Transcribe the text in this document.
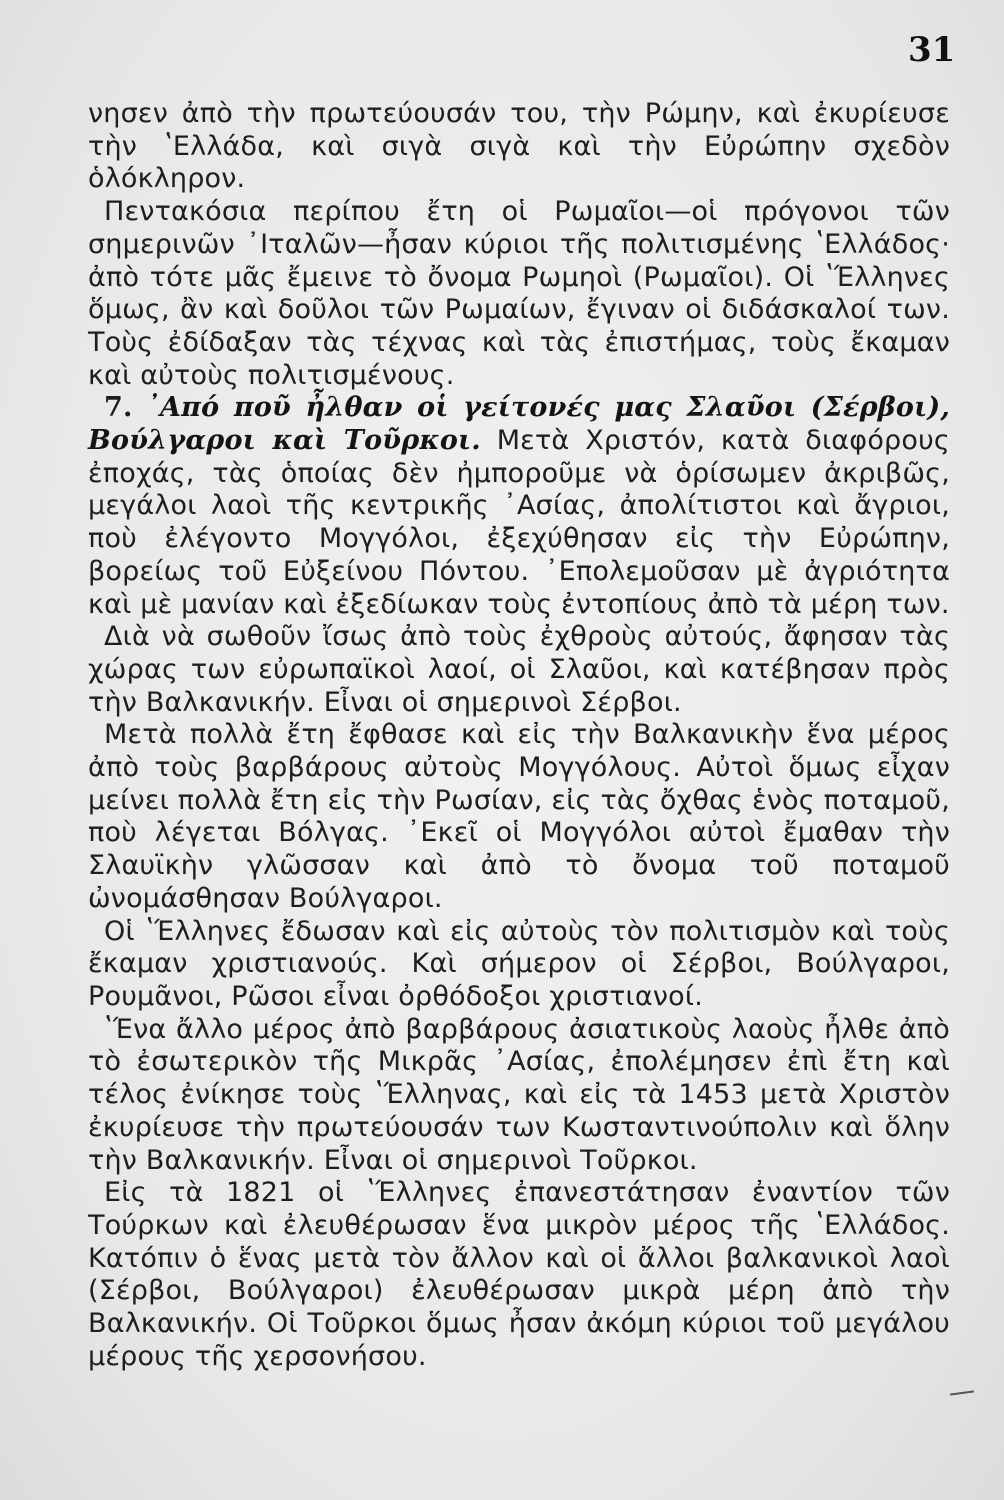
31

νησεν ἀπὸ τὴν πρωτεύουσάν του, τὴν Ρώμην, καὶ ἐκυρίευσε τὴν ʽΕλλάδα, καὶ σιγὰ σιγὰ καὶ τὴν Εὐρώπην σχεδὸν ὁλόκληρον.

Πεντακόσια περίπου ἔτη οἱ Ρωμαῖοι—οἱ πρόγονοι τῶν σημερινῶν ᾽Ιταλῶν—ἦσαν κύριοι τῆς πολιτισμένης ʽΕλλάδος· ἀπὸ τότε μᾶς ἔμεινε τὸ ὄνομα Ρωμηοὶ (Ρωμαῖοι). Οἱ ʽΈλληνες ὅμως, ἂν καὶ δοῦλοι τῶν Ρωμαίων, ἔγιναν οἱ διδάσκαλοί των. Τοὺς ἐδίδαξαν τὰς τέχνας καὶ τὰς ἐπιστήμας, τοὺς ἔκαμαν καὶ αὐτοὺς πολιτισμένους.

7. ᾽Από ποῦ ἦλθαν οἱ γείτονές μας Σλαῦοι (Σέρβοι), Βούλγαροι καὶ Τοῦρκοι. Μετὰ Χριστόν, κατὰ διαφόρους ἐποχάς, τὰς ὁποίας δὲν ἠμποροῦμε νὰ ὁρίσωμεν ἀκριβῶς, μεγάλοι λαοὶ τῆς κεντρικῆς ᾽Ασίας, ἀπολίτιστοι καὶ ἄγριοι, ποὺ ἐλέγοντο Μογγόλοι, ἐξεχύθησαν εἰς τὴν Εὐρώπην, βορείως τοῦ Εὐξείνου Πόντου. ᾽Επολεμοῦσαν μὲ ἀγριότητα καὶ μὲ μανίαν καὶ ἐξεδίωκαν τοὺς ἐντοπίους ἀπὸ τὰ μέρη των.

Διὰ νὰ σωθοῦν ἴσως ἀπὸ τοὺς ἐχθροὺς αὐτούς, ἄφησαν τὰς χώρας των εὐρωπαϊκοὶ λαοί, οἱ Σλαῦοι, καὶ κατέβησαν πρὸς τὴν Βαλκανικήν. Εἶναι οἱ σημερινοὶ Σέρβοι.

Μετὰ πολλὰ ἔτη ἔφθασε καὶ εἰς τὴν Βαλκανικὴν ἕνα μέρος ἀπὸ τοὺς βαρβάρους αὐτοὺς Μογγόλους. Αὐτοὶ ὅμως εἶχαν μείνει πολλὰ ἔτη εἰς τὴν Ρωσίαν, εἰς τὰς ὄχθας ἑνὸς ποταμοῦ, ποὺ λέγεται Βόλγας. ᾽Εκεῖ οἱ Μογγόλοι αὐτοὶ ἔμαθαν τὴν Σλαυϊκὴν γλῶσσαν καὶ ἀπὸ τὸ ὄνομα τοῦ ποταμοῦ ὠνομάσθησαν Βούλγαροι.

Οἱ ʽΈλληνες ἔδωσαν καὶ εἰς αὐτοὺς τὸν πολιτισμὸν καὶ τοὺς ἔκαμαν χριστιανούς. Καὶ σήμερον οἱ Σέρβοι, Βούλγαροι, Ρουμᾶνοι, Ρῶσοι εἶναι ὀρθόδοξοι χριστιανοί.

ʽΈνα ἄλλο μέρος ἀπὸ βαρβάρους ἀσιατικοὺς λαοὺς ἦλθε ἀπὸ τὸ ἐσωτερικὸν τῆς Μικρᾶς ᾽Ασίας, ἐπολέμησεν ἐπὶ ἔτη καὶ τέλος ἐνίκησε τοὺς ʽΈλληνας, καὶ εἰς τὰ 1453 μετὰ Χριστὸν ἐκυρίευσε τὴν πρωτεύουσάν των Κωσταντινούπολιν καὶ ὅλην τὴν Βαλκανικήν. Εἶναι οἱ σημερινοὶ Τοῦρκοι.

Εἰς τὰ 1821 οἱ ʽΈλληνες ἐπανεστάτησαν ἐναντίον τῶν Τούρκων καὶ ἐλευθέρωσαν ἕνα μικρὸν μέρος τῆς ʽΕλλάδος. Κατόπιν ὁ ἕνας μετὰ τὸν ἄλλον καὶ οἱ ἄλλοι βαλκανικοὶ λαοὶ (Σέρβοι, Βούλγαροι) ἐλευθέρωσαν μικρὰ μέρη ἀπὸ τὴν Βαλκανικήν. Οἱ Τοῦρκοι ὅμως ἦσαν ἀκόμη κύριοι τοῦ μεγάλου μέρους τῆς χερσονήσου.
